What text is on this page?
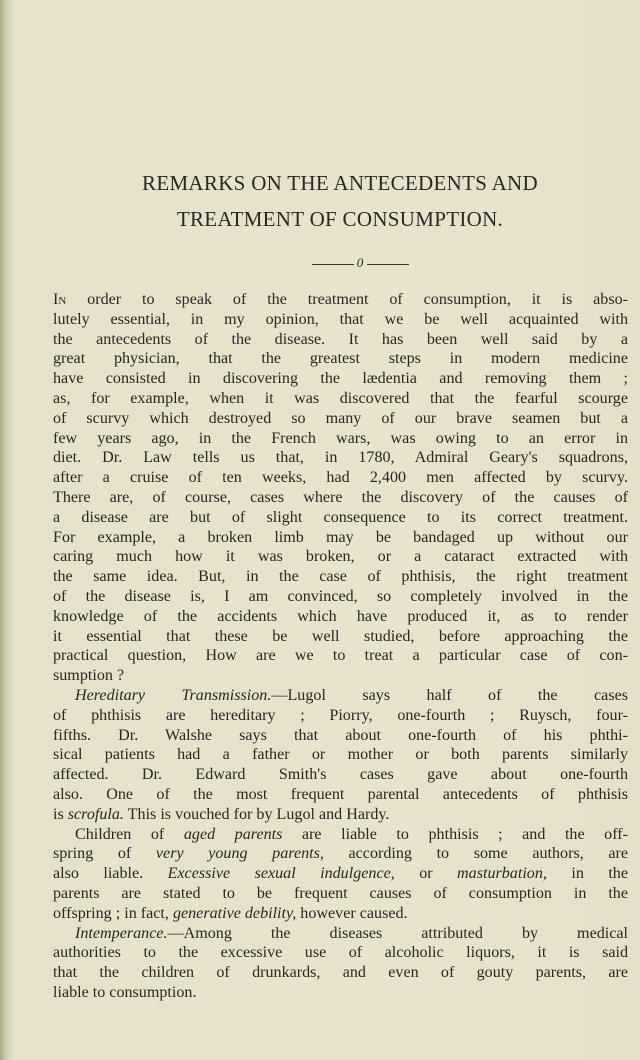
REMARKS ON THE ANTECEDENTS AND
TREATMENT OF CONSUMPTION.
0
In order to speak of the treatment of consumption, it is abso-
lutely essential, in my opinion, that we be well acquainted with
the antecedents of the disease. It has been well said by a
great physician, that the greatest steps in modern medicine
have consisted in discovering the lædentia and removing them ;
as, for example, when it was discovered that the fearful scourge
of scurvy which destroyed so many of our brave seamen but a
few years ago, in the French wars, was owing to an error in
diet. Dr. Law tells us that, in 1780, Admiral Geary's squadrons,
after a cruise of ten weeks, had 2,400 men affected by scurvy.
There are, of course, cases where the discovery of the causes of
a disease are but of slight consequence to its correct treatment.
For example, a broken limb may be bandaged up without our
caring much how it was broken, or a cataract extracted with
the same idea. But, in the case of phthisis, the right treatment
of the disease is, I am convinced, so completely involved in the
knowledge of the accidents which have produced it, as to render
it essential that these be well studied, before approaching the
practical question, How are we to treat a particular case of con-
sumption ?
Hereditary Transmission.—Lugol says half of the cases
of phthisis are hereditary ; Piorry, one-fourth ; Ruysch, four-
fifths. Dr. Walshe says that about one-fourth of his phthi-
sical patients had a father or mother or both parents similarly
affected. Dr. Edward Smith's cases gave about one-fourth
also. One of the most frequent parental antecedents of phthisis
is scrofula. This is vouched for by Lugol and Hardy.
Children of aged parents are liable to phthisis ; and the off-
spring of very young parents, according to some authors, are
also liable. Excessive sexual indulgence, or masturbation, in the
parents are stated to be frequent causes of consumption in the
offspring ; in fact, generative debility, however caused.
Intemperance.—Among the diseases attributed by medical
authorities to the excessive use of alcoholic liquors, it is said
that the children of drunkards, and even of gouty parents, are
liable to consumption.
